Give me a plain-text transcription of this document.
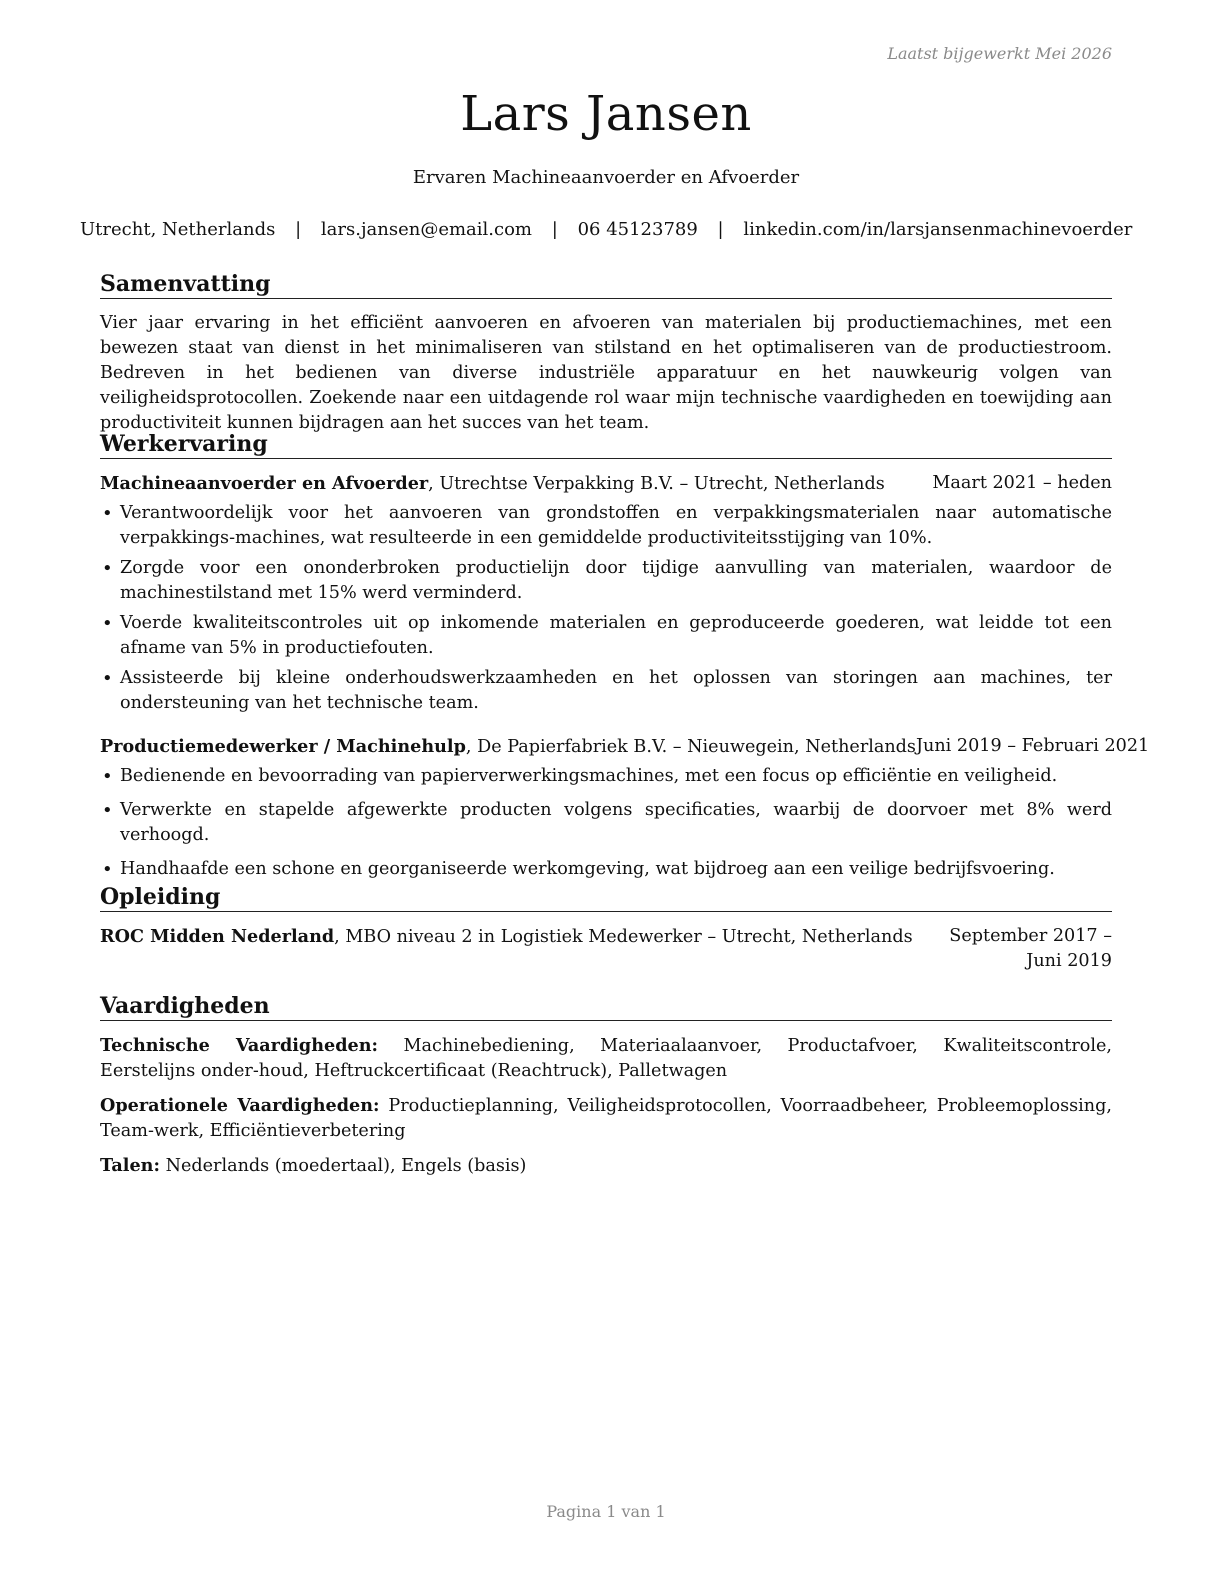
Laatst bijgewerkt Mei 2026
Lars Jansen
Ervaren Machineaanvoerder en Afvoerder
Utrecht, Netherlands | lars.jansen@email.com | 06 45123789 | linkedin.com/in/larsjansenmachinevoerder
Samenvatting

Vier jaar ervaring in het efficiënt aanvoeren en afvoeren van materialen bij productiemachines, met een bewezen staat van dienst in het minimaliseren van stilstand en het optimaliseren van de productiestroom. Bedreven in het bedienen van diverse industriële apparatuur en het nauwkeurig volgen van veiligheidsprotocollen. Zoekende naar een uitdagende rol waar mijn technische vaardigheden en toewijding aan productiviteit kunnen bijdragen aan het succes van het team.

Werkervaring
Machineaanvoerder en Afvoerder, Utrechtse Verpakking B.V. – Utrecht, Netherlands	Maart 2021 – heden
• Verantwoordelijk voor het aanvoeren van grondstoffen en verpakkingsmaterialen naar automatische verpakkings-machines, wat resulteerde in een gemiddelde productiviteitsstijging van 10%.
• Zorgde voor een ononderbroken productielijn door tijdige aanvulling van materialen, waardoor de machinestilstand met 15% werd verminderd.
• Voerde kwaliteitscontroles uit op inkomende materialen en geproduceerde goederen, wat leidde tot een afname van 5% in productiefouten.
• Assisteerde bij kleine onderhoudswerkzaamheden en het oplossen van storingen aan machines, ter ondersteuning van het technische team.
Productiemedewerker / Machinehulp, De Papierfabriek B.V. – Nieuwegein, Netherlands Juni 2019 – Februari 2021
• Bedienende en bevoorrading van papierverwerkingsmachines, met een focus op efficiëntie en veiligheid.
• Verwerkte en stapelde afgewerkte producten volgens specificaties, waarbij de doorvoer met 8% werd verhoogd.
• Handhaafde een schone en georganiseerde werkomgeving, wat bijdroeg aan een veilige bedrijfsvoering.
Opleiding
ROC Midden Nederland, MBO niveau 2 in Logistiek Medewerker – Utrecht, Netherlands	September 2017 – Juni 2019
Vaardigheden

Technische Vaardigheden: Machinebediening, Materiaalaanvoer, Productafvoer, Kwaliteitscontrole, Eerstelijns onder-houd, Heftruckcertificaat (Reachtruck), Palletwagen

Operationele Vaardigheden: Productieplanning, Veiligheidsprotocollen, Voorraadbeheer, Probleemoplossing, Team-werk, Efficiëntieverbetering

Talen: Nederlands (moedertaal), Engels (basis)

Pagina 1 van 1
